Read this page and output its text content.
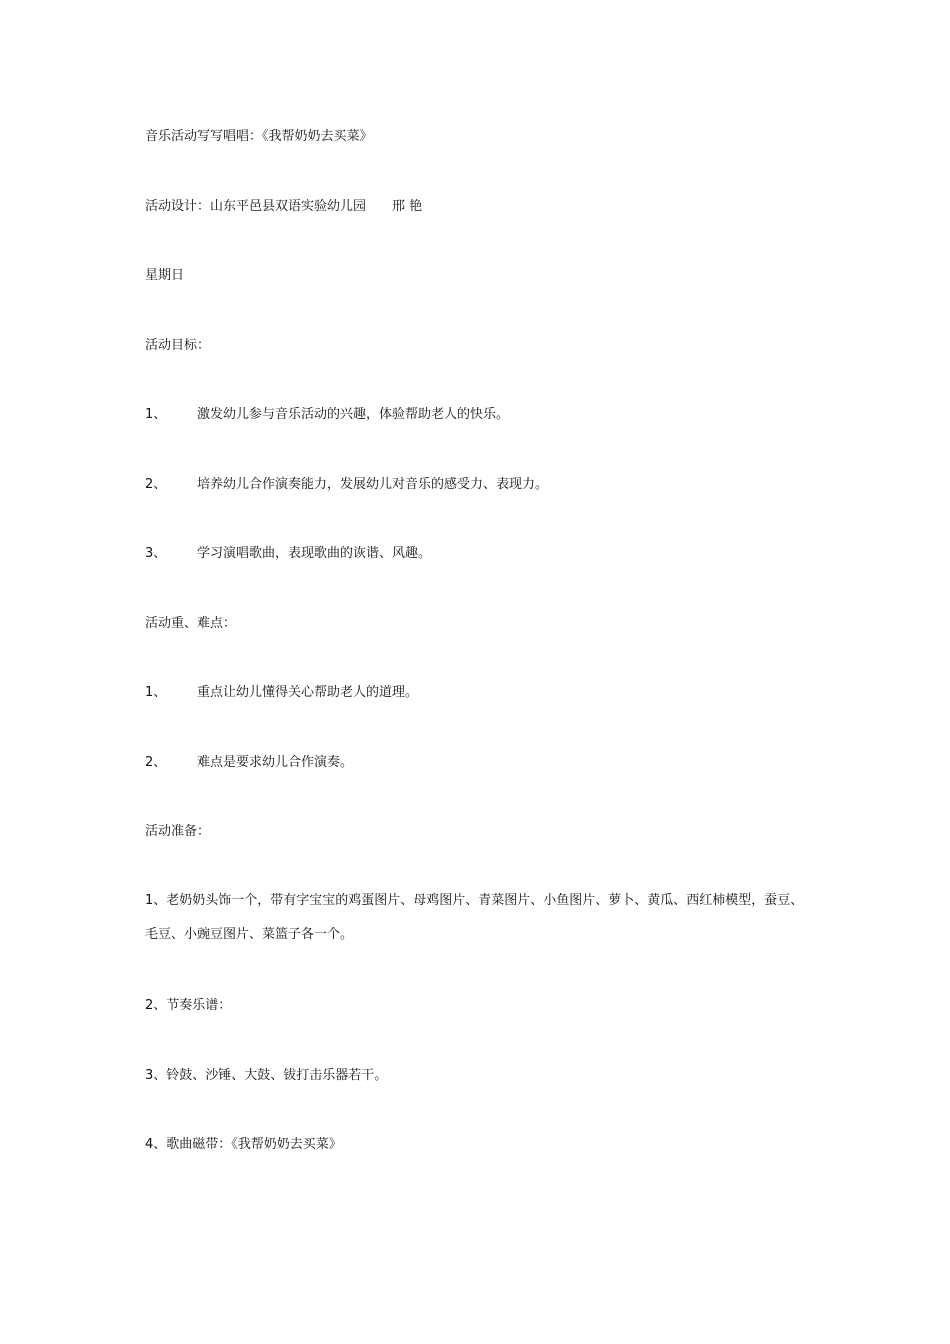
音乐活动写写唱唱：《我帮奶奶去买菜》
活动设计：山东平邑县双语实验幼儿园　　邢 艳
星期日
活动目标：
1、 激发幼儿参与音乐活动的兴趣，体验帮助老人的快乐。
2、 培养幼儿合作演奏能力，发展幼儿对音乐的感受力、表现力。
3、 学习演唱歌曲，表现歌曲的诙谐、风趣。
活动重、难点：
1、 重点让幼儿懂得关心帮助老人的道理。
2、 难点是要求幼儿合作演奏。
活动准备：
1、老奶奶头饰一个，带有字宝宝的鸡蛋图片、母鸡图片、青菜图片、小鱼图片、萝卜、黄瓜、西红柿模型，蚕豆、毛豆、小豌豆图片、菜篮子各一个。
2、节奏乐谱：
3、铃鼓、沙锤、大鼓、钹打击乐器若干。
4、歌曲磁带：《我帮奶奶去买菜》
